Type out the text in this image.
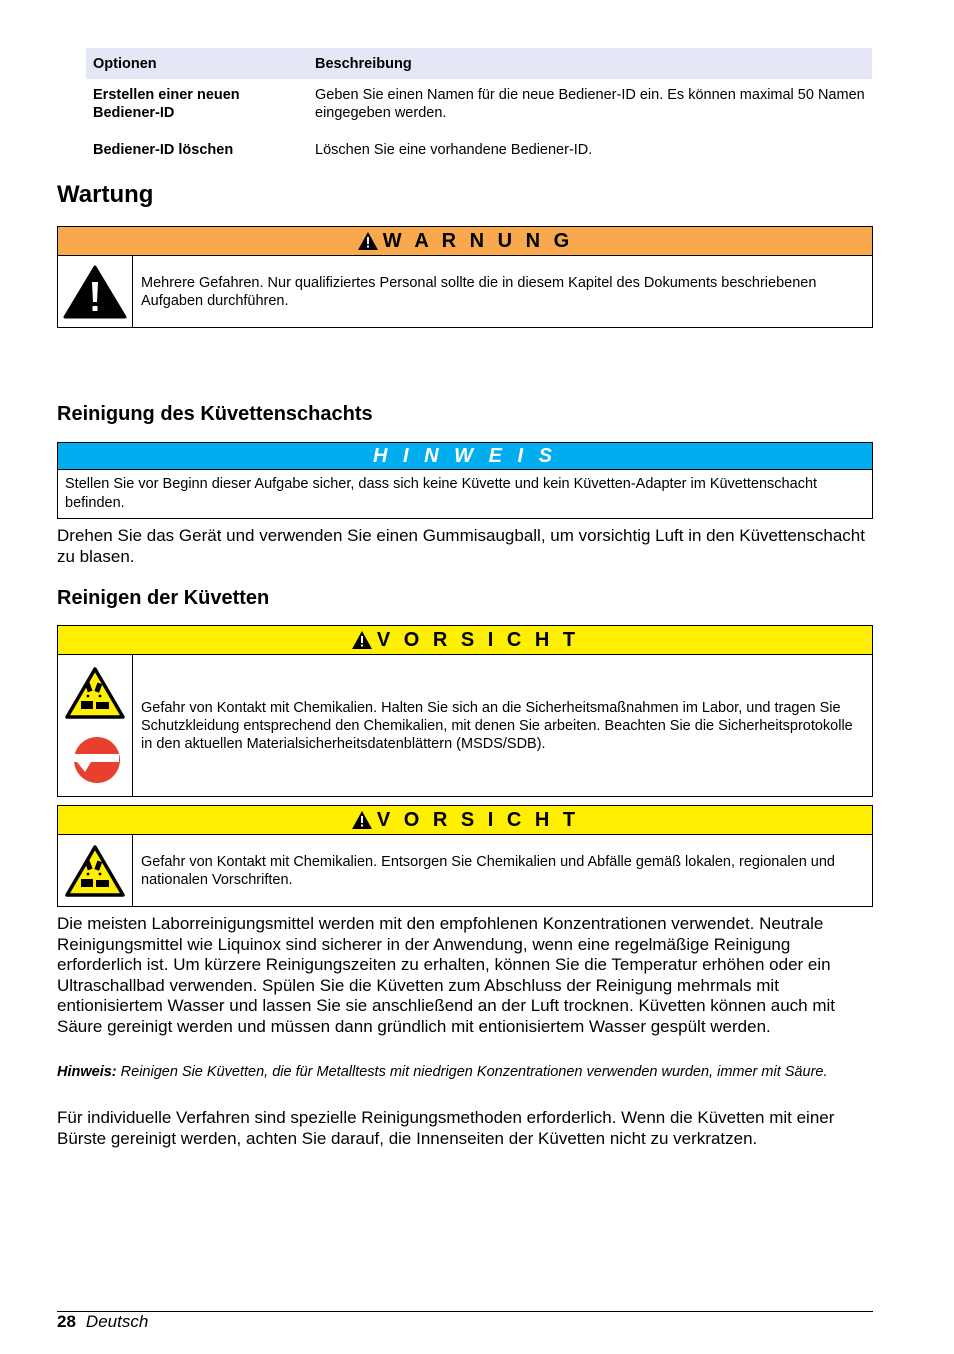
Optionen	Beschreibung
Erstellen einer neuen Bediener-ID	Geben Sie einen Namen für die neue Bediener-ID ein. Es können maximal 50 Namen eingegeben werden.
Bediener-ID löschen	Löschen Sie eine vorhandene Bediener-ID.
Wartung
W A R N U N G
Mehrere Gefahren. Nur qualifiziertes Personal sollte die in diesem Kapitel des Dokuments beschriebenen Aufgaben durchführen.
Reinigung des Küvettenschachts
H I N W E I S
Stellen Sie vor Beginn dieser Aufgabe sicher, dass sich keine Küvette und kein Küvetten-Adapter im Küvettenschacht befinden.
Drehen Sie das Gerät und verwenden Sie einen Gummisaugball, um vorsichtig Luft in den Küvettenschacht zu blasen.
Reinigen der Küvetten
V O R S I C H T
Gefahr von Kontakt mit Chemikalien. Halten Sie sich an die Sicherheitsmaßnahmen im Labor, und tragen Sie Schutzkleidung entsprechend den Chemikalien, mit denen Sie arbeiten. Beachten Sie die Sicherheitsprotokolle in den aktuellen Materialsicherheitsdatenblättern (MSDS/SDB).
V O R S I C H T
Gefahr von Kontakt mit Chemikalien. Entsorgen Sie Chemikalien und Abfälle gemäß lokalen, regionalen und nationalen Vorschriften.
Die meisten Laborreinigungsmittel werden mit den empfohlenen Konzentrationen verwendet. Neutrale Reinigungsmittel wie Liquinox sind sicherer in der Anwendung, wenn eine regelmäßige Reinigung erforderlich ist. Um kürzere Reinigungszeiten zu erhalten, können Sie die Temperatur erhöhen oder ein Ultraschallbad verwenden. Spülen Sie die Küvetten zum Abschluss der Reinigung mehrmals mit entionisiertem Wasser und lassen Sie sie anschließend an der Luft trocknen. Küvetten können auch mit Säure gereinigt werden und müssen dann gründlich mit entionisiertem Wasser gespült werden.
Hinweis: Reinigen Sie Küvetten, die für Metalltests mit niedrigen Konzentrationen verwenden wurden, immer mit Säure.
Für individuelle Verfahren sind spezielle Reinigungsmethoden erforderlich. Wenn die Küvetten mit einer Bürste gereinigt werden, achten Sie darauf, die Innenseiten der Küvetten nicht zu verkratzen.
28 Deutsch
